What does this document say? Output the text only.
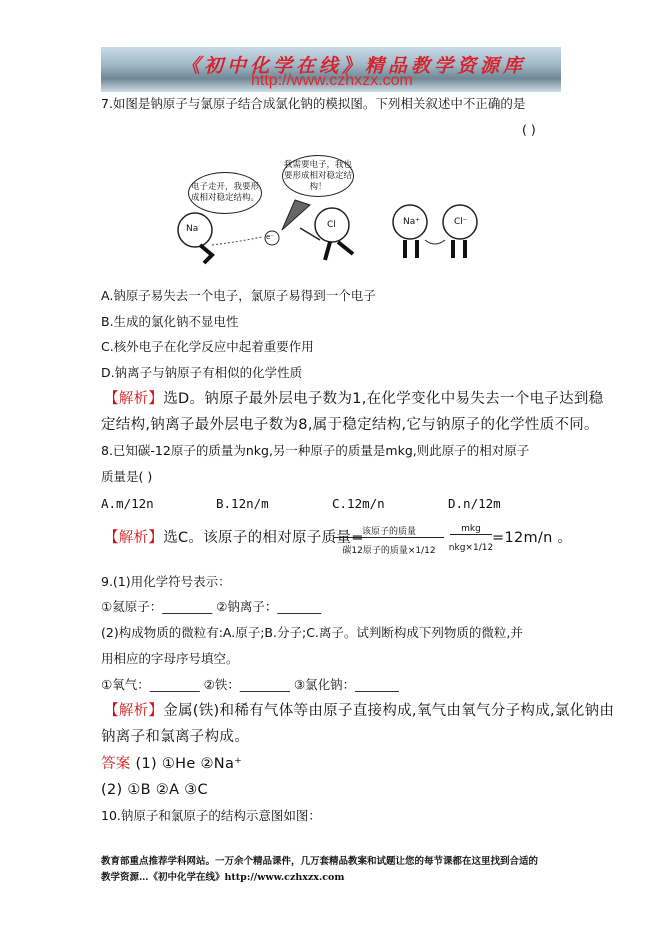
《初中化学在线》精品教学资源库
http://www.czhxzx.com
7.如图是钠原子与氯原子结合成氯化钠的模拟图。下列相关叙述中不正确的是
( )
电子走开，我要形成相对稳定结构。
我需要电子，我也要形成相对稳定结构！
Na
e⁻
Cl	Na⁺	Cl⁻
A.钠原子易失去一个电子，氯原子易得到一个电子
B.生成的氯化钠不显电性
C.核外电子在化学反应中起着重要作用
D.钠离子与钠原子有相似的化学性质
【解析】选D。钠原子最外层电子数为1,在化学变化中易失去一个电子达到稳
定结构,钠离子最外层电子数为8,属于稳定结构,它与钠原子的化学性质不同。
8.已知碳-12原子的质量为nkg,另一种原子的质量是mkg,则此原子的相对原子
质量是( )
A.m/12n	B.12n/m	C.12m/n	D.n/12m
【解析】选C。该原子的相对原子质量=
该原子的质量
碳12原子的质量×1/12
mkg
nkg×1/12
=12m/n 。
9.(1)用化学符号表示：
①氦原子：________ ②钠离子：_______
(2)构成物质的微粒有:A.原子;B.分子;C.离子。试判断构成下列物质的微粒,并
用相应的字母序号填空。
①氧气：________ ②铁：________ ③氯化钠：_______
【解析】金属(铁)和稀有气体等由原子直接构成,氧气由氧气分子构成,氯化钠由
钠离子和氯离子构成。
答案 (1) ①He ②Na⁺
(2) ①B ②A ③C
10.钠原子和氯原子的结构示意图如图：
教育部重点推荐学科网站。一万余个精品课件，几万套精品教案和试题让您的每节课都在这里找到合适的
教学资源…《初中化学在线》http://www.czhxzx.com
